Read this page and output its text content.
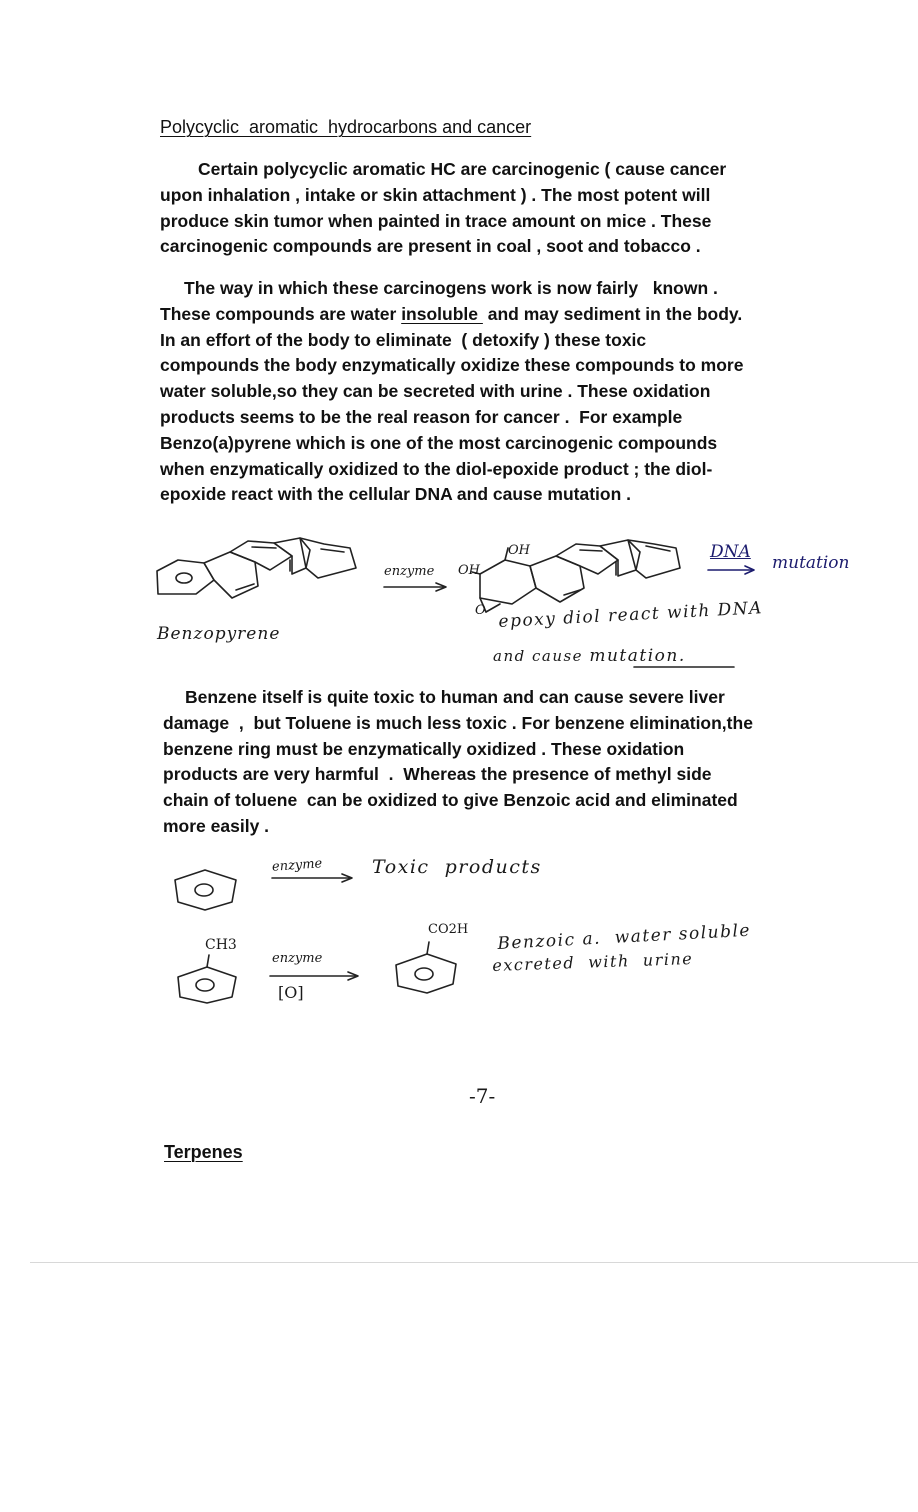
Polycyclic  aromatic  hydrocarbons and cancer
Certain polycyclic aromatic HC are carcinogenic ( cause cancer
upon inhalation , intake or skin attachment ) . The most potent will
produce skin tumor when painted in trace amount on mice . These
carcinogenic compounds are present in coal , soot and tobacco .
The way in which these carcinogens work is now fairly   known .
These compounds are water insoluble  and may sediment in the body.
In an effort of the body to eliminate  ( detoxify ) these toxic
compounds the body enzymatically oxidize these compounds to more
water soluble,so they can be secreted with urine . These oxidation
products seems to be the real reason for cancer .  For example
Benzo(a)pyrene which is one of the most carcinogenic compounds
when enzymatically oxidized to the diol-epoxide product ; the diol-
epoxide react with the cellular DNA and cause mutation .
Benzopyrene
enzyme
OH
OH
O
DNA
mutation
epoxy diol react with DNA
and cause mutation.
Benzene itself is quite toxic to human and can cause severe liver
damage  ,  but Toluene is much less toxic . For benzene elimination,the
benzene ring must be enzymatically oxidized . These oxidation
products are very harmful  .  Whereas the presence of methyl side
chain of toluene  can be oxidized to give Benzoic acid and eliminated
more easily .
enzyme	Toxic  products
CH3
enzyme
[O]
CO2H Benzoic a.  water soluble
excreted  with  urine
-7-
Terpenes
